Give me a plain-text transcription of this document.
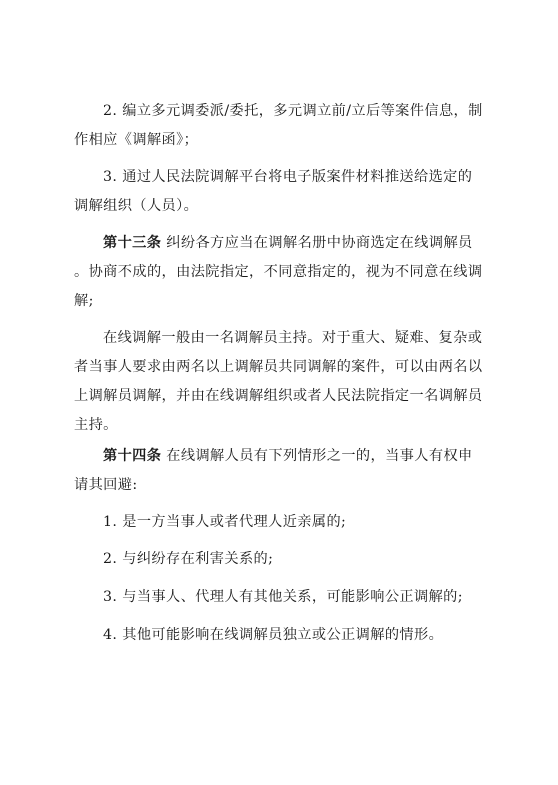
2. 编立多元调委派/委托，多元调立前/立后等案件信息，制
作相应《调解函》；
3. 通过人民法院调解平台将电子版案件材料推送给选定的
调解组织（人员）。
第十三条 纠纷各方应当在调解名册中协商选定在线调解员
。协商不成的，由法院指定，不同意指定的，视为不同意在线调
解;
在线调解一般由一名调解员主持。对于重大、疑难、复杂或
者当事人要求由两名以上调解员共同调解的案件，可以由两名以
上调解员调解，并由在线调解组织或者人民法院指定一名调解员
主持。
第十四条 在线调解人员有下列情形之一的，当事人有权申
请其回避:
1. 是一方当事人或者代理人近亲属的;
2. 与纠纷存在利害关系的;
3. 与当事人、代理人有其他关系，可能影响公正调解的;
4. 其他可能影响在线调解员独立或公正调解的情形。
